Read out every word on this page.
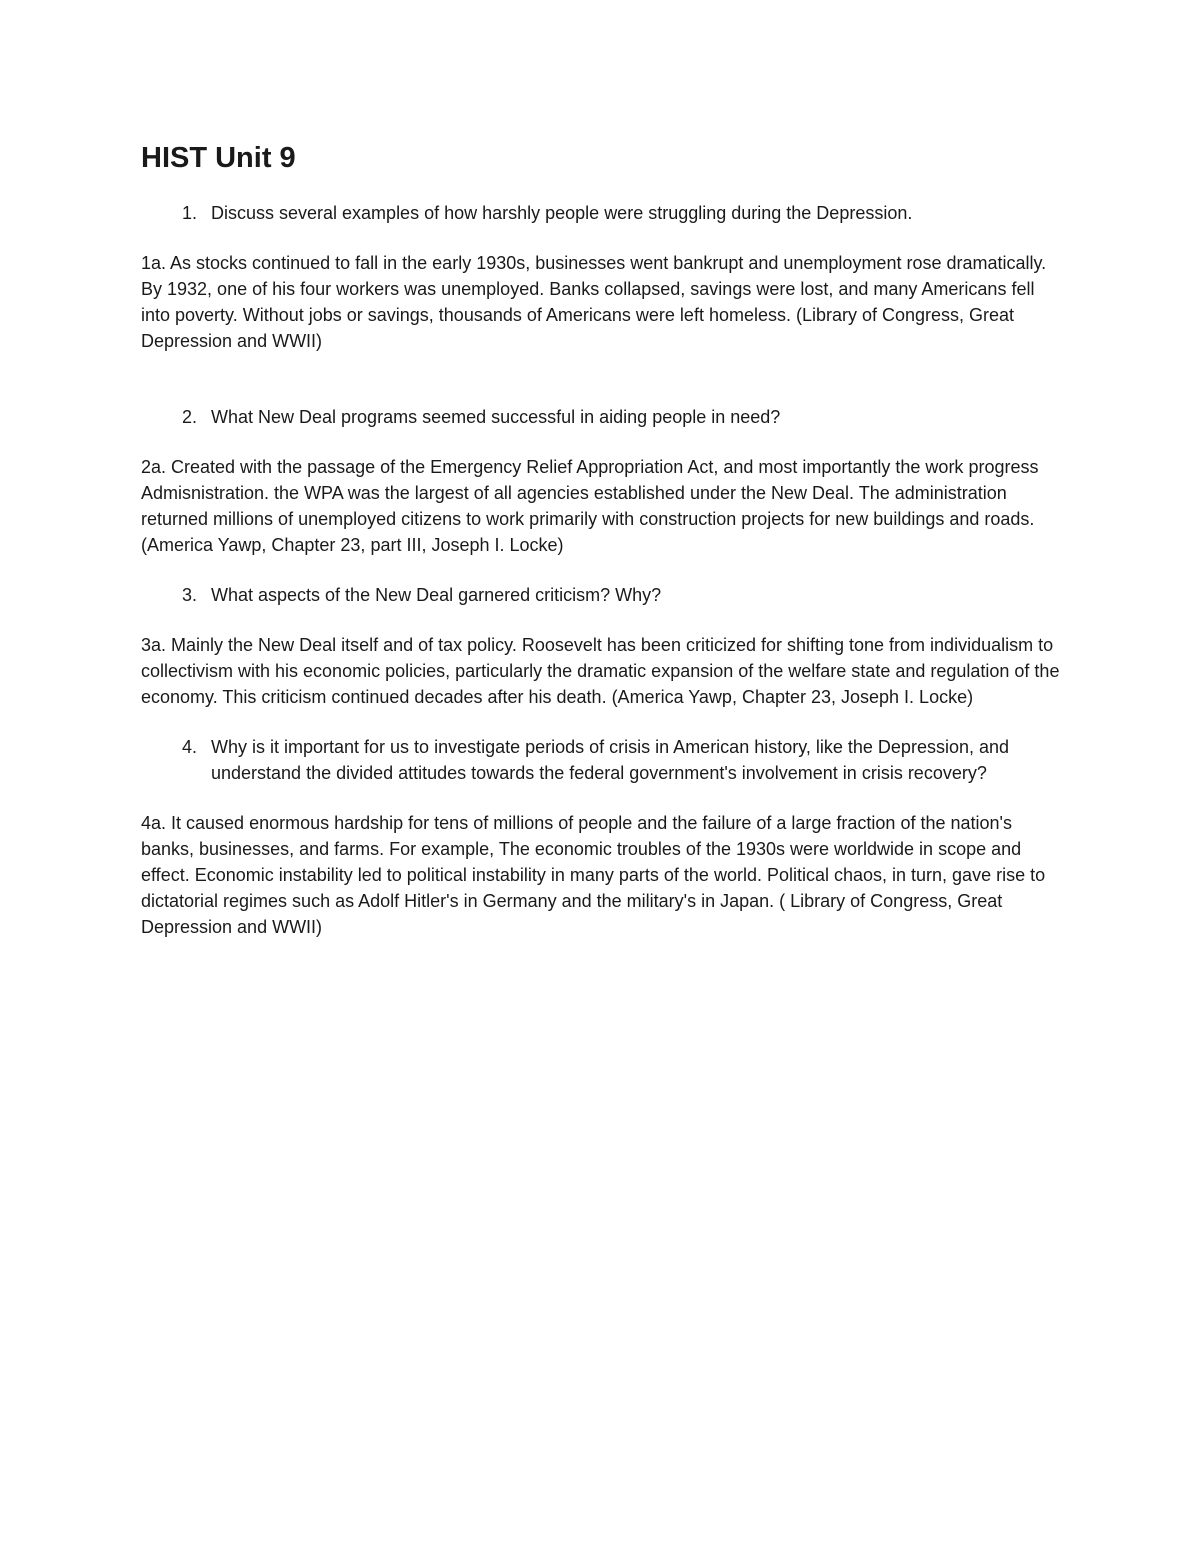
HIST Unit 9
1. Discuss several examples of how harshly people were struggling during the Depression.

1a. As stocks continued to fall in the early 1930s, businesses went bankrupt and unemployment rose dramatically. By 1932, one of his four workers was unemployed. Banks collapsed, savings were lost, and many Americans fell into poverty. Without jobs or savings, thousands of Americans were left homeless. (Library of Congress, Great Depression and WWII)

2. What New Deal programs seemed successful in aiding people in need?

2a. Created with the passage of the Emergency Relief Appropriation Act, and most importantly the work progress Admisnistration. the WPA was the largest of all agencies established under the New Deal. The administration returned millions of unemployed citizens to work primarily with construction projects for new buildings and roads.

(America Yawp, Chapter 23, part III, Joseph I. Locke)

3. What aspects of the New Deal garnered criticism? Why?

3a. Mainly the New Deal itself and of tax policy. Roosevelt has been criticized for shifting tone from individualism to collectivism with his economic policies, particularly the dramatic expansion of the welfare state and regulation of the economy. This criticism continued decades after his death. (America Yawp, Chapter 23, Joseph I. Locke)

4. Why is it important for us to investigate periods of crisis in American history, like the Depression, and understand the divided attitudes towards the federal government's involvement in crisis recovery?

4a. It caused enormous hardship for tens of millions of people and the failure of a large fraction of the nation's banks, businesses, and farms. For example, The economic troubles of the 1930s were worldwide in scope and effect. Economic instability led to political instability in many parts of the world. Political chaos, in turn, gave rise to dictatorial regimes such as Adolf Hitler's in Germany and the military's in Japan. ( Library of Congress, Great Depression and WWII)
